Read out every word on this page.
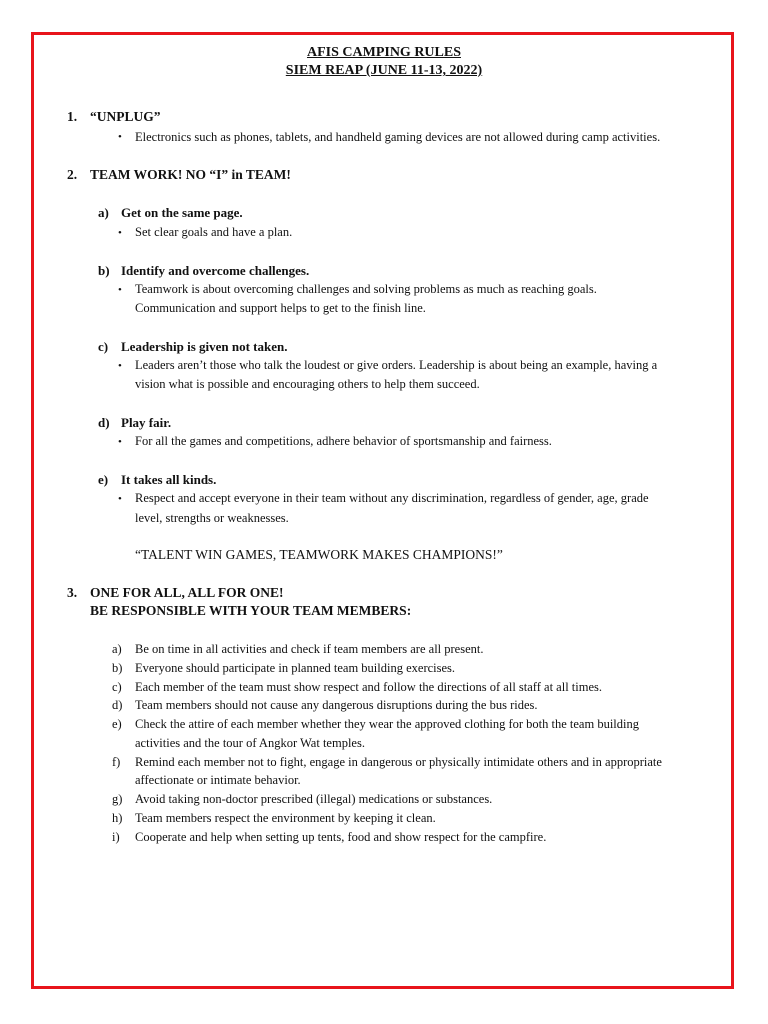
AFIS CAMPING RULES
SIEM REAP (JUNE 11-13, 2022)
1. “UNPLUG”
• Electronics such as phones, tablets, and handheld gaming devices are not allowed during camp activities.
2. TEAM WORK! NO “I” in TEAM!
a) Get on the same page.
• Set clear goals and have a plan.
b) Identify and overcome challenges.
• Teamwork is about overcoming challenges and solving problems as much as reaching goals.
Communication and support helps to get to the finish line.
c) Leadership is given not taken.
• Leaders aren’t those who talk the loudest or give orders. Leadership is about being an example, having a
vision what is possible and encouraging others to help them succeed.
d) Play fair.
• For all the games and competitions, adhere behavior of sportsmanship and fairness.
e) It takes all kinds.
• Respect and accept everyone in their team without any discrimination, regardless of gender, age, grade
level, strengths or weaknesses.
“TALENT WIN GAMES, TEAMWORK MAKES CHAMPIONS!”
3. ONE FOR ALL, ALL FOR ONE!
BE RESPONSIBLE WITH YOUR TEAM MEMBERS:
a) Be on time in all activities and check if team members are all present.
b) Everyone should participate in planned team building exercises.
c) Each member of the team must show respect and follow the directions of all staff at all times.
d) Team members should not cause any dangerous disruptions during the bus rides.
e) Check the attire of each member whether they wear the approved clothing for both the team building
activities and the tour of Angkor Wat temples.
f) Remind each member not to fight, engage in dangerous or physically intimidate others and in appropriate
affectionate or intimate behavior.
g) Avoid taking non-doctor prescribed (illegal) medications or substances.
h) Team members respect the environment by keeping it clean.
i) Cooperate and help when setting up tents, food and show respect for the campfire.
